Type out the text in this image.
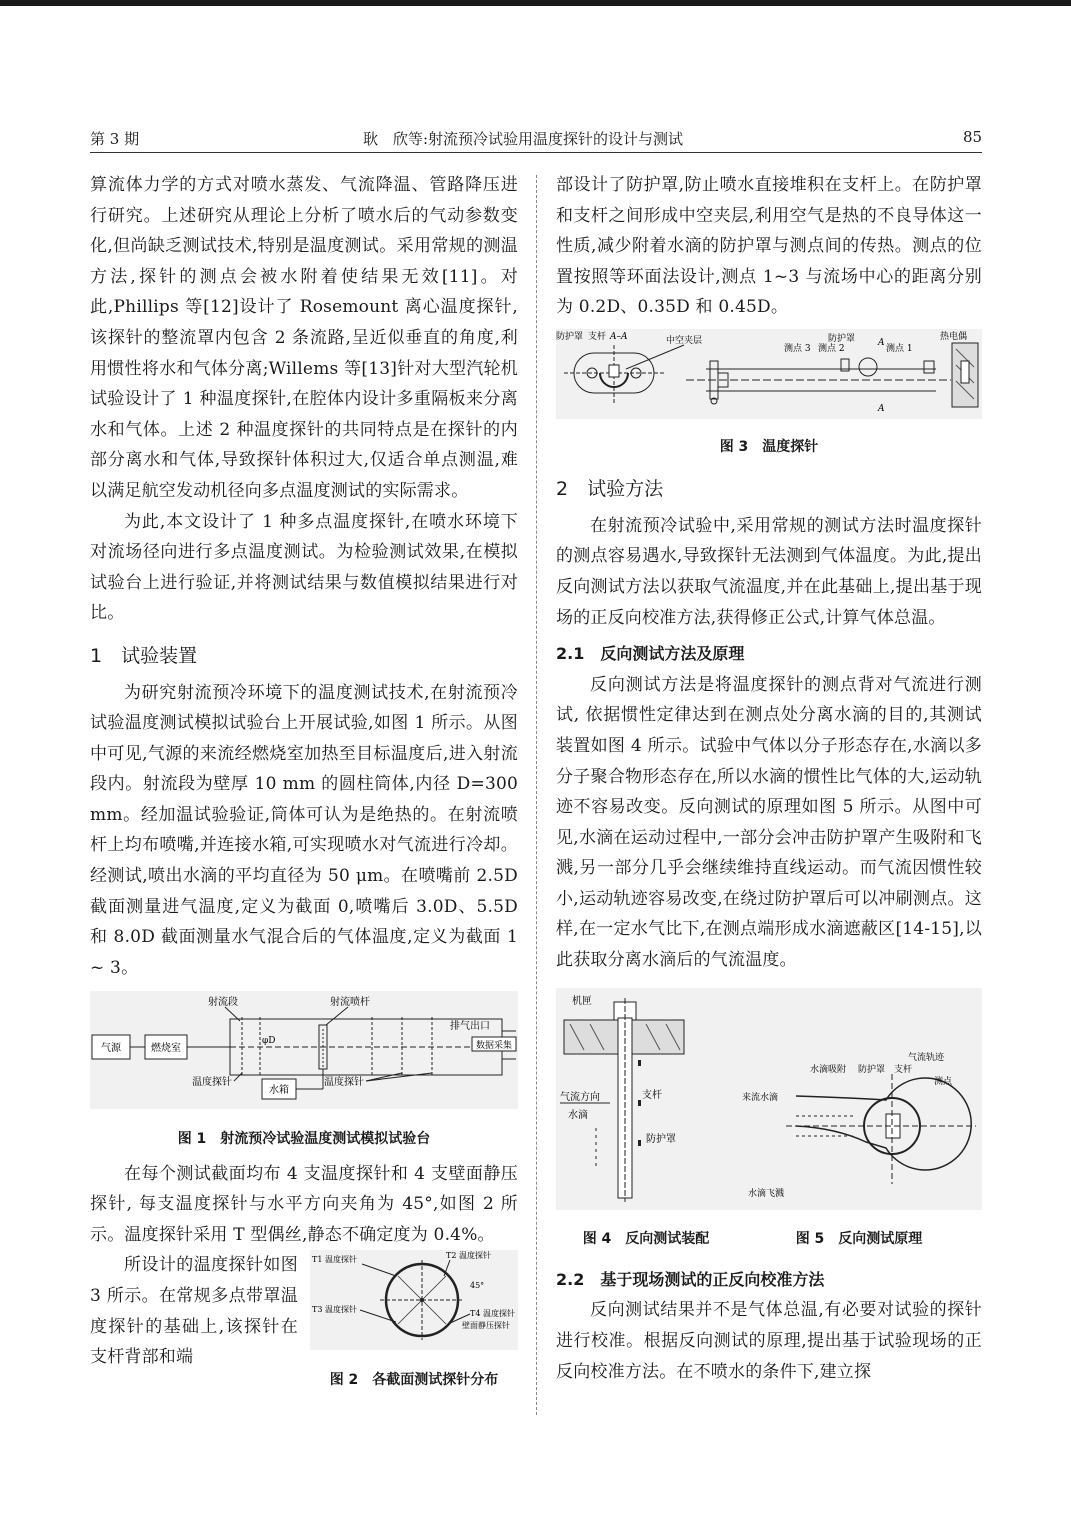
第 3 期	耿　欣等:射流预冷试验用温度探针的设计与测试	85

算流体力学的方式对喷水蒸发、气流降温、管路降压进行研究。上述研究从理论上分析了喷水后的气动参数变化,但尚缺乏测试技术,特别是温度测试。采用常规的测温方法,探针的测点会被水附着使结果无效[11]。对此,Phillips 等[12]设计了 Rosemount 离心温度探针,该探针的整流罩内包含 2 条流路,呈近似垂直的角度,利用惯性将水和气体分离;Willems 等[13]针对大型汽轮机试验设计了 1 种温度探针,在腔体内设计多重隔板来分离水和气体。上述 2 种温度探针的共同特点是在探针的内部分离水和气体,导致探针体积过大,仅适合单点测温,难以满足航空发动机径向多点温度测试的实际需求。

为此,本文设计了 1 种多点温度探针,在喷水环境下对流场径向进行多点温度测试。为检验测试效果,在模拟试验台上进行验证,并将测试结果与数值模拟结果进行对比。

1　试验装置

为研究射流预冷环境下的温度测试技术,在射流预冷试验温度测试模拟试验台上开展试验,如图 1 所示。从图中可见,气源的来流经燃烧室加热至目标温度后,进入射流段内。射流段为壁厚 10 mm 的圆柱筒体,内径 D=300 mm。经加温试验验证,筒体可认为是绝热的。在射流喷杆上均布喷嘴,并连接水箱,可实现喷水对气流进行冷却。经测试,喷出水滴的平均直径为 50 μm。在喷嘴前 2.5D 截面测量进气温度,定义为截面 0,喷嘴后 3.0D、5.5D 和 8.0D 截面测量水气混合后的气体温度,定义为截面 1 ~ 3。

气源	燃烧室
射流段	射流喷杆
排气出口
数据采集
φD
温度探针
水箱
温度探针
图 1　射流预冷试验温度测试模拟试验台

在每个测试截面均布 4 支温度探针和 4 支壁面静压探针, 每支温度探针与水平方向夹角为 45°,如图 2 所示。温度探针采用 T 型偶丝,静态不确定度为 0.4%。

所设计的温度探针如图 3 所示。在常规多点带罩温度探针的基础上,该探针在支杆背部和端

T1 温度探针	T2 温度探针
T3 温度探针	T4 温度探针
壁面静压探针
45°
图 2　各截面测试探针分布

部设计了防护罩,防止喷水直接堆积在支杆上。在防护罩和支杆之间形成中空夹层,利用空气是热的不良导体这一性质,减少附着水滴的防护罩与测点间的传热。测点的位置按照等环面法设计,测点 1~3 与流场中心的距离分别为 0.2D、0.35D 和 0.45D。

防护罩 支杆 A–A	中空夹层	防护罩
测点 3 测点 2	测点 1
A
A
热电偶
图 3　温度探针
2　试验方法

在射流预冷试验中,采用常规的测试方法时温度探针的测点容易遇水,导致探针无法测到气体温度。为此,提出反向测试方法以获取气流温度,并在此基础上,提出基于现场的正反向校准方法,获得修正公式,计算气体总温。

2.1　反向测试方法及原理

反向测试方法是将温度探针的测点背对气流进行测试, 依据惯性定律达到在测点处分离水滴的目的,其测试装置如图 4 所示。试验中气体以分子形态存在,水滴以多分子聚合物形态存在,所以水滴的惯性比气体的大,运动轨迹不容易改变。反向测试的原理如图 5 所示。从图中可见,水滴在运动过程中,一部分会冲击防护罩产生吸附和飞溅,另一部分几乎会继续维持直线运动。而气流因惯性较小,运动轨迹容易改变,在绕过防护罩后可以冲刷测点。这样,在一定水气比下,在测点端形成水滴遮蔽区[14-15],以此获取分离水滴后的气流温度。

机匣
气流方向
水滴
支杆
防护罩
气流轨迹
水滴吸附 防护罩 支杆
测点
来流水滴
水滴飞溅
图 4　反向测试装配	图 5　反向测试原理
2.2　基于现场测试的正反向校准方法

反向测试结果并不是气体总温,有必要对试验的探针进行校准。根据反向测试的原理,提出基于试验现场的正反向校准方法。在不喷水的条件下,建立探
